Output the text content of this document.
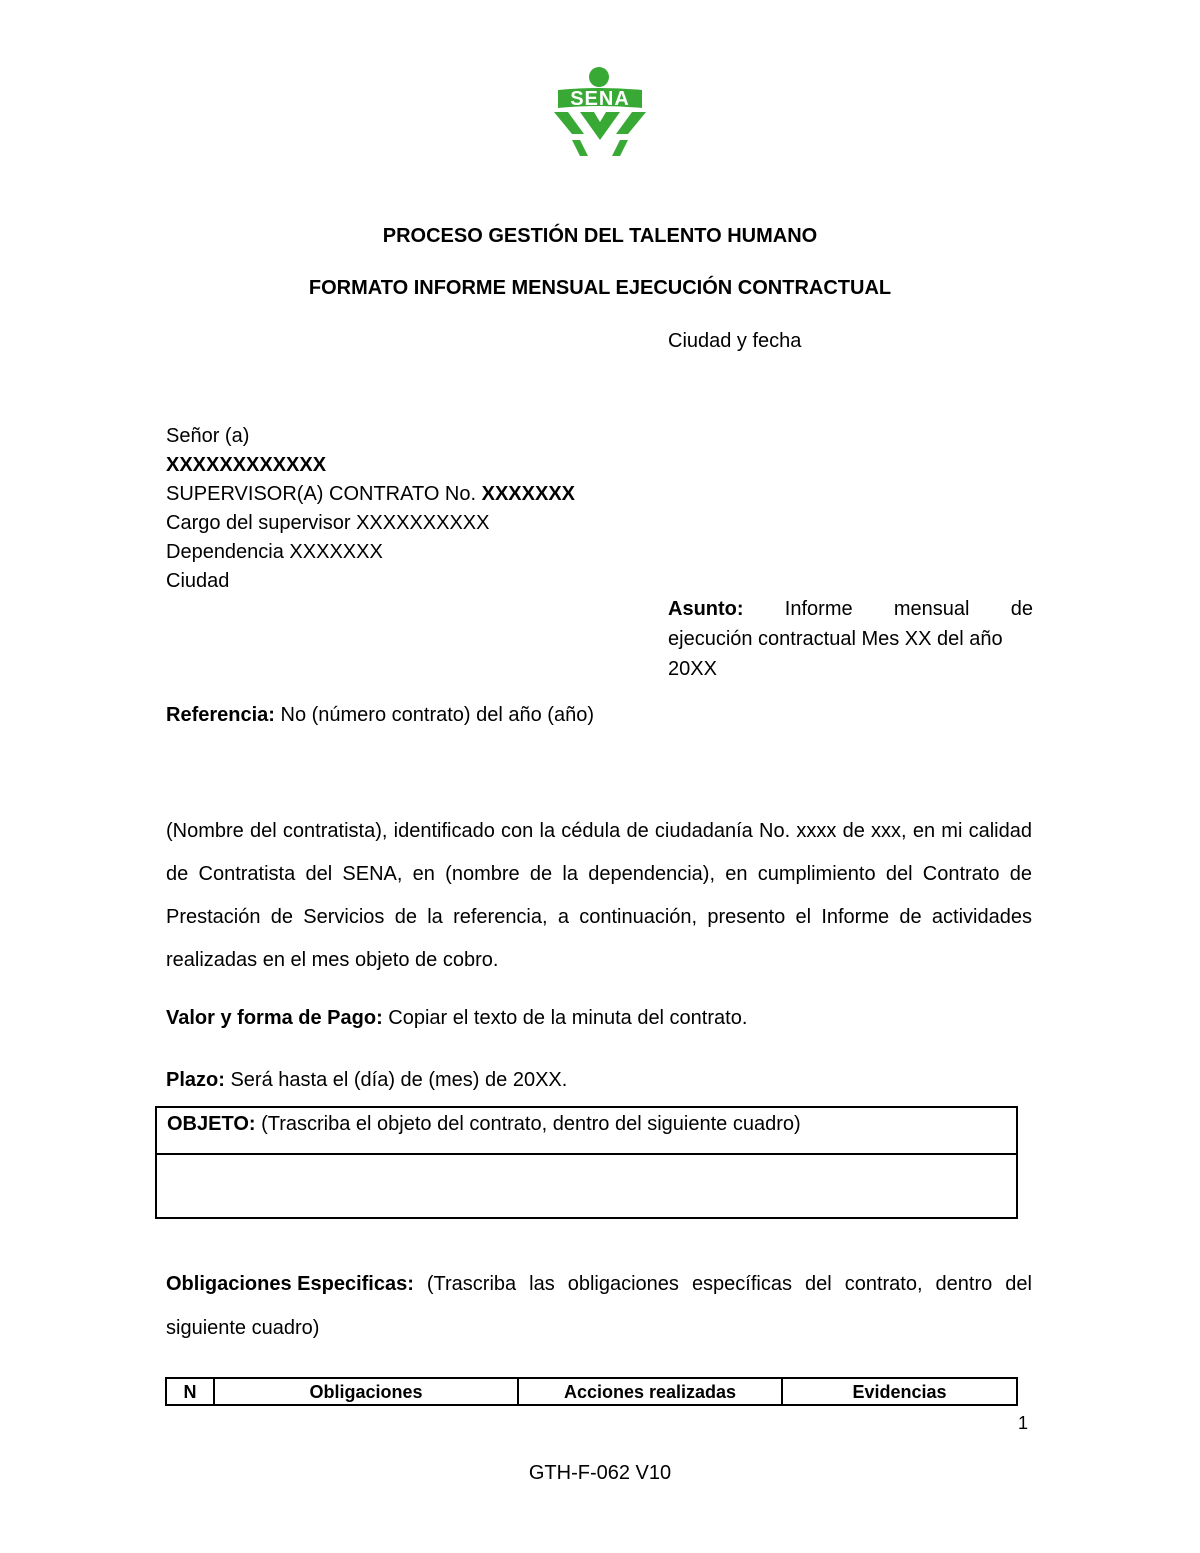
SENA
PROCESO GESTIÓN DEL TALENTO HUMANO
FORMATO INFORME MENSUAL EJECUCIÓN CONTRACTUAL
Ciudad y fecha
Señor (a)
XXXXXXXXXXXX
SUPERVISOR(A) CONTRATO No. XXXXXXX
Cargo del supervisor XXXXXXXXXX
Dependencia XXXXXXX
Ciudad
Asunto: Informe mensual de
ejecución contractual Mes XX del año
20XX
Referencia: No (número contrato) del año (año)
(Nombre del contratista), identificado con la cédula de ciudadanía No. xxxx de xxx, en mi calidad de Contratista del SENA, en (nombre de la dependencia), en cumplimiento del Contrato de Prestación de Servicios de la referencia, a continuación, presento el Informe de actividades realizadas en el mes objeto de cobro.
Valor y forma de Pago: Copiar el texto de la minuta del contrato.
Plazo: Será hasta el (día) de (mes) de 20XX.
OBJETO: (Trascriba el objeto del contrato, dentro del siguiente cuadro)
Obligaciones Especificas: (Trascriba las obligaciones específicas del contrato, dentro del
siguiente cuadro)
N	Obligaciones	Acciones realizadas	Evidencias
1
GTH-F-062 V10
